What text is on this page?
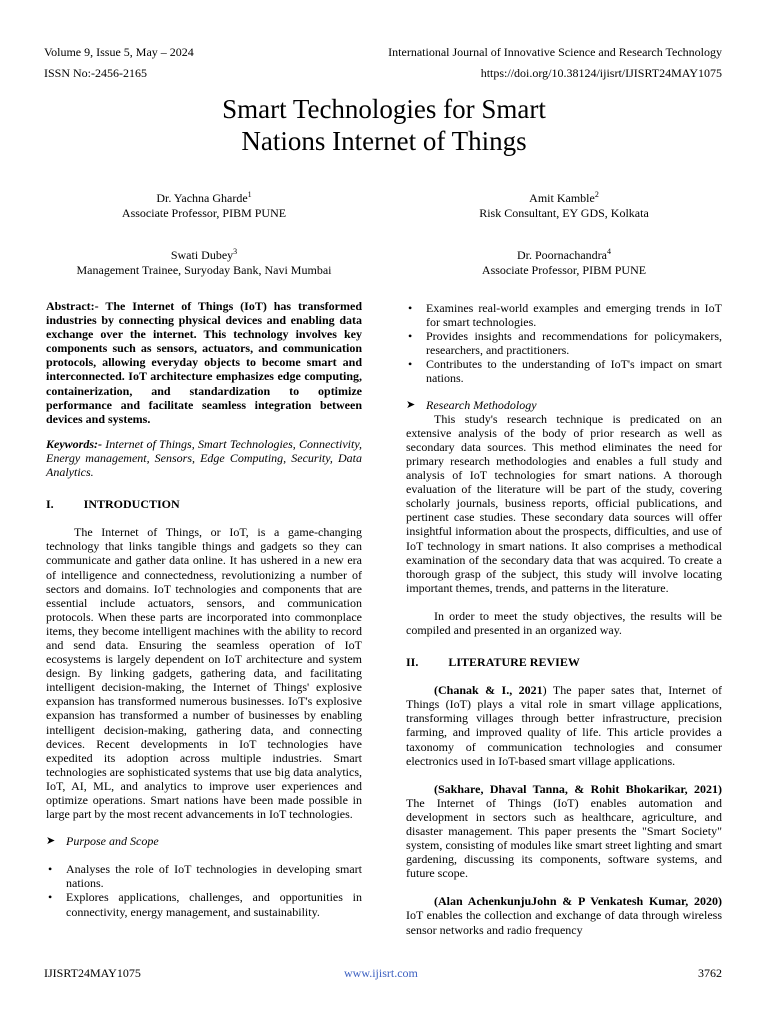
Volume 9, Issue 5, May – 2024	International Journal of Innovative Science and Research Technology
ISSN No:-2456-2165	https://doi.org/10.38124/ijisrt/IJISRT24MAY1075
Smart Technologies for Smart
Nations Internet of Things
Dr. Yachna Gharde$^1$
Associate Professor, PIBM PUNE
Amit Kamble$^2$
Risk Consultant, EY GDS, Kolkata
Swati Dubey$^3$
Management Trainee, Suryoday Bank, Navi Mumbai
Dr. Poornachandra$^4$
Associate Professor, PIBM PUNE

Abstract:- The Internet of Things (IoT) has transformed industries by connecting physical devices and enabling data exchange over the internet. This technology involves key components such as sensors, actuators, and communication protocols, allowing everyday objects to become smart and interconnected. IoT architecture emphasizes edge computing, containerization, and standardization to optimize performance and facilitate seamless integration between devices and systems.

Keywords:- Internet of Things, Smart Technologies, Connectivity, Energy management, Sensors, Edge Computing, Security, Data Analytics.

I.	INTRODUCTION

The Internet of Things, or IoT, is a game-changing technology that links tangible things and gadgets so they can communicate and gather data online. It has ushered in a new era of intelligence and connectedness, revolutionizing a number of sectors and domains. IoT technologies and components that are essential include actuators, sensors, and communication protocols. When these parts are incorporated into commonplace items, they become intelligent machines with the ability to record and send data. Ensuring the seamless operation of IoT ecosystems is largely dependent on IoT architecture and system design. By linking gadgets, gathering data, and facilitating intelligent decision-making, the Internet of Things' explosive expansion has transformed numerous businesses. IoT's explosive expansion has transformed a number of businesses by enabling intelligent decision-making, gathering data, and connecting devices. Recent developments in IoT technologies have expedited its adoption across multiple industries. Smart technologies are sophisticated systems that use big data analytics, IoT, AI, ML, and analytics to improve user experiences and optimize operations. Smart nations have been made possible in large part by the most recent advancements in IoT technologies.

➤ Purpose and Scope
• Analyses the role of IoT technologies in developing smart nations.
• Explores applications, challenges, and opportunities in connectivity, energy management, and sustainability.
• Examines real-world examples and emerging trends in IoT for smart technologies.
• Provides insights and recommendations for policymakers, researchers, and practitioners.
• Contributes to the understanding of IoT's impact on smart nations.
➤ Research Methodology

This study's research technique is predicated on an extensive analysis of the body of prior research as well as secondary data sources. This method eliminates the need for primary research methodologies and enables a full study and analysis of IoT technologies for smart nations. A thorough evaluation of the literature will be part of the study, covering scholarly journals, business reports, official publications, and pertinent case studies. These secondary data sources will offer insightful information about the prospects, difficulties, and use of IoT technology in smart nations. It also comprises a methodical examination of the secondary data that was acquired. To create a thorough grasp of the subject, this study will involve locating important themes, trends, and patterns in the literature.

In order to meet the study objectives, the results will be compiled and presented in an organized way.

II.	LITERATURE REVIEW

(Chanak & I., 2021) The paper sates that, Internet of Things (IoT) plays a vital role in smart village applications, transforming villages through better infrastructure, precision farming, and improved quality of life. This article provides a taxonomy of communication technologies and consumer electronics used in IoT-based smart village applications.

(Sakhare, Dhaval Tanna, & Rohit Bhokarikar, 2021) The Internet of Things (IoT) enables automation and development in sectors such as healthcare, agriculture, and disaster management. This paper presents the "Smart Society" system, consisting of modules like smart street lighting and smart gardening, discussing its components, software systems, and future scope.

(Alan AchenkunjuJohn & P Venkatesh Kumar, 2020) IoT enables the collection and exchange of data through wireless sensor networks and radio frequency

IJISRT24MAY1075	www.ijisrt.com	3762
